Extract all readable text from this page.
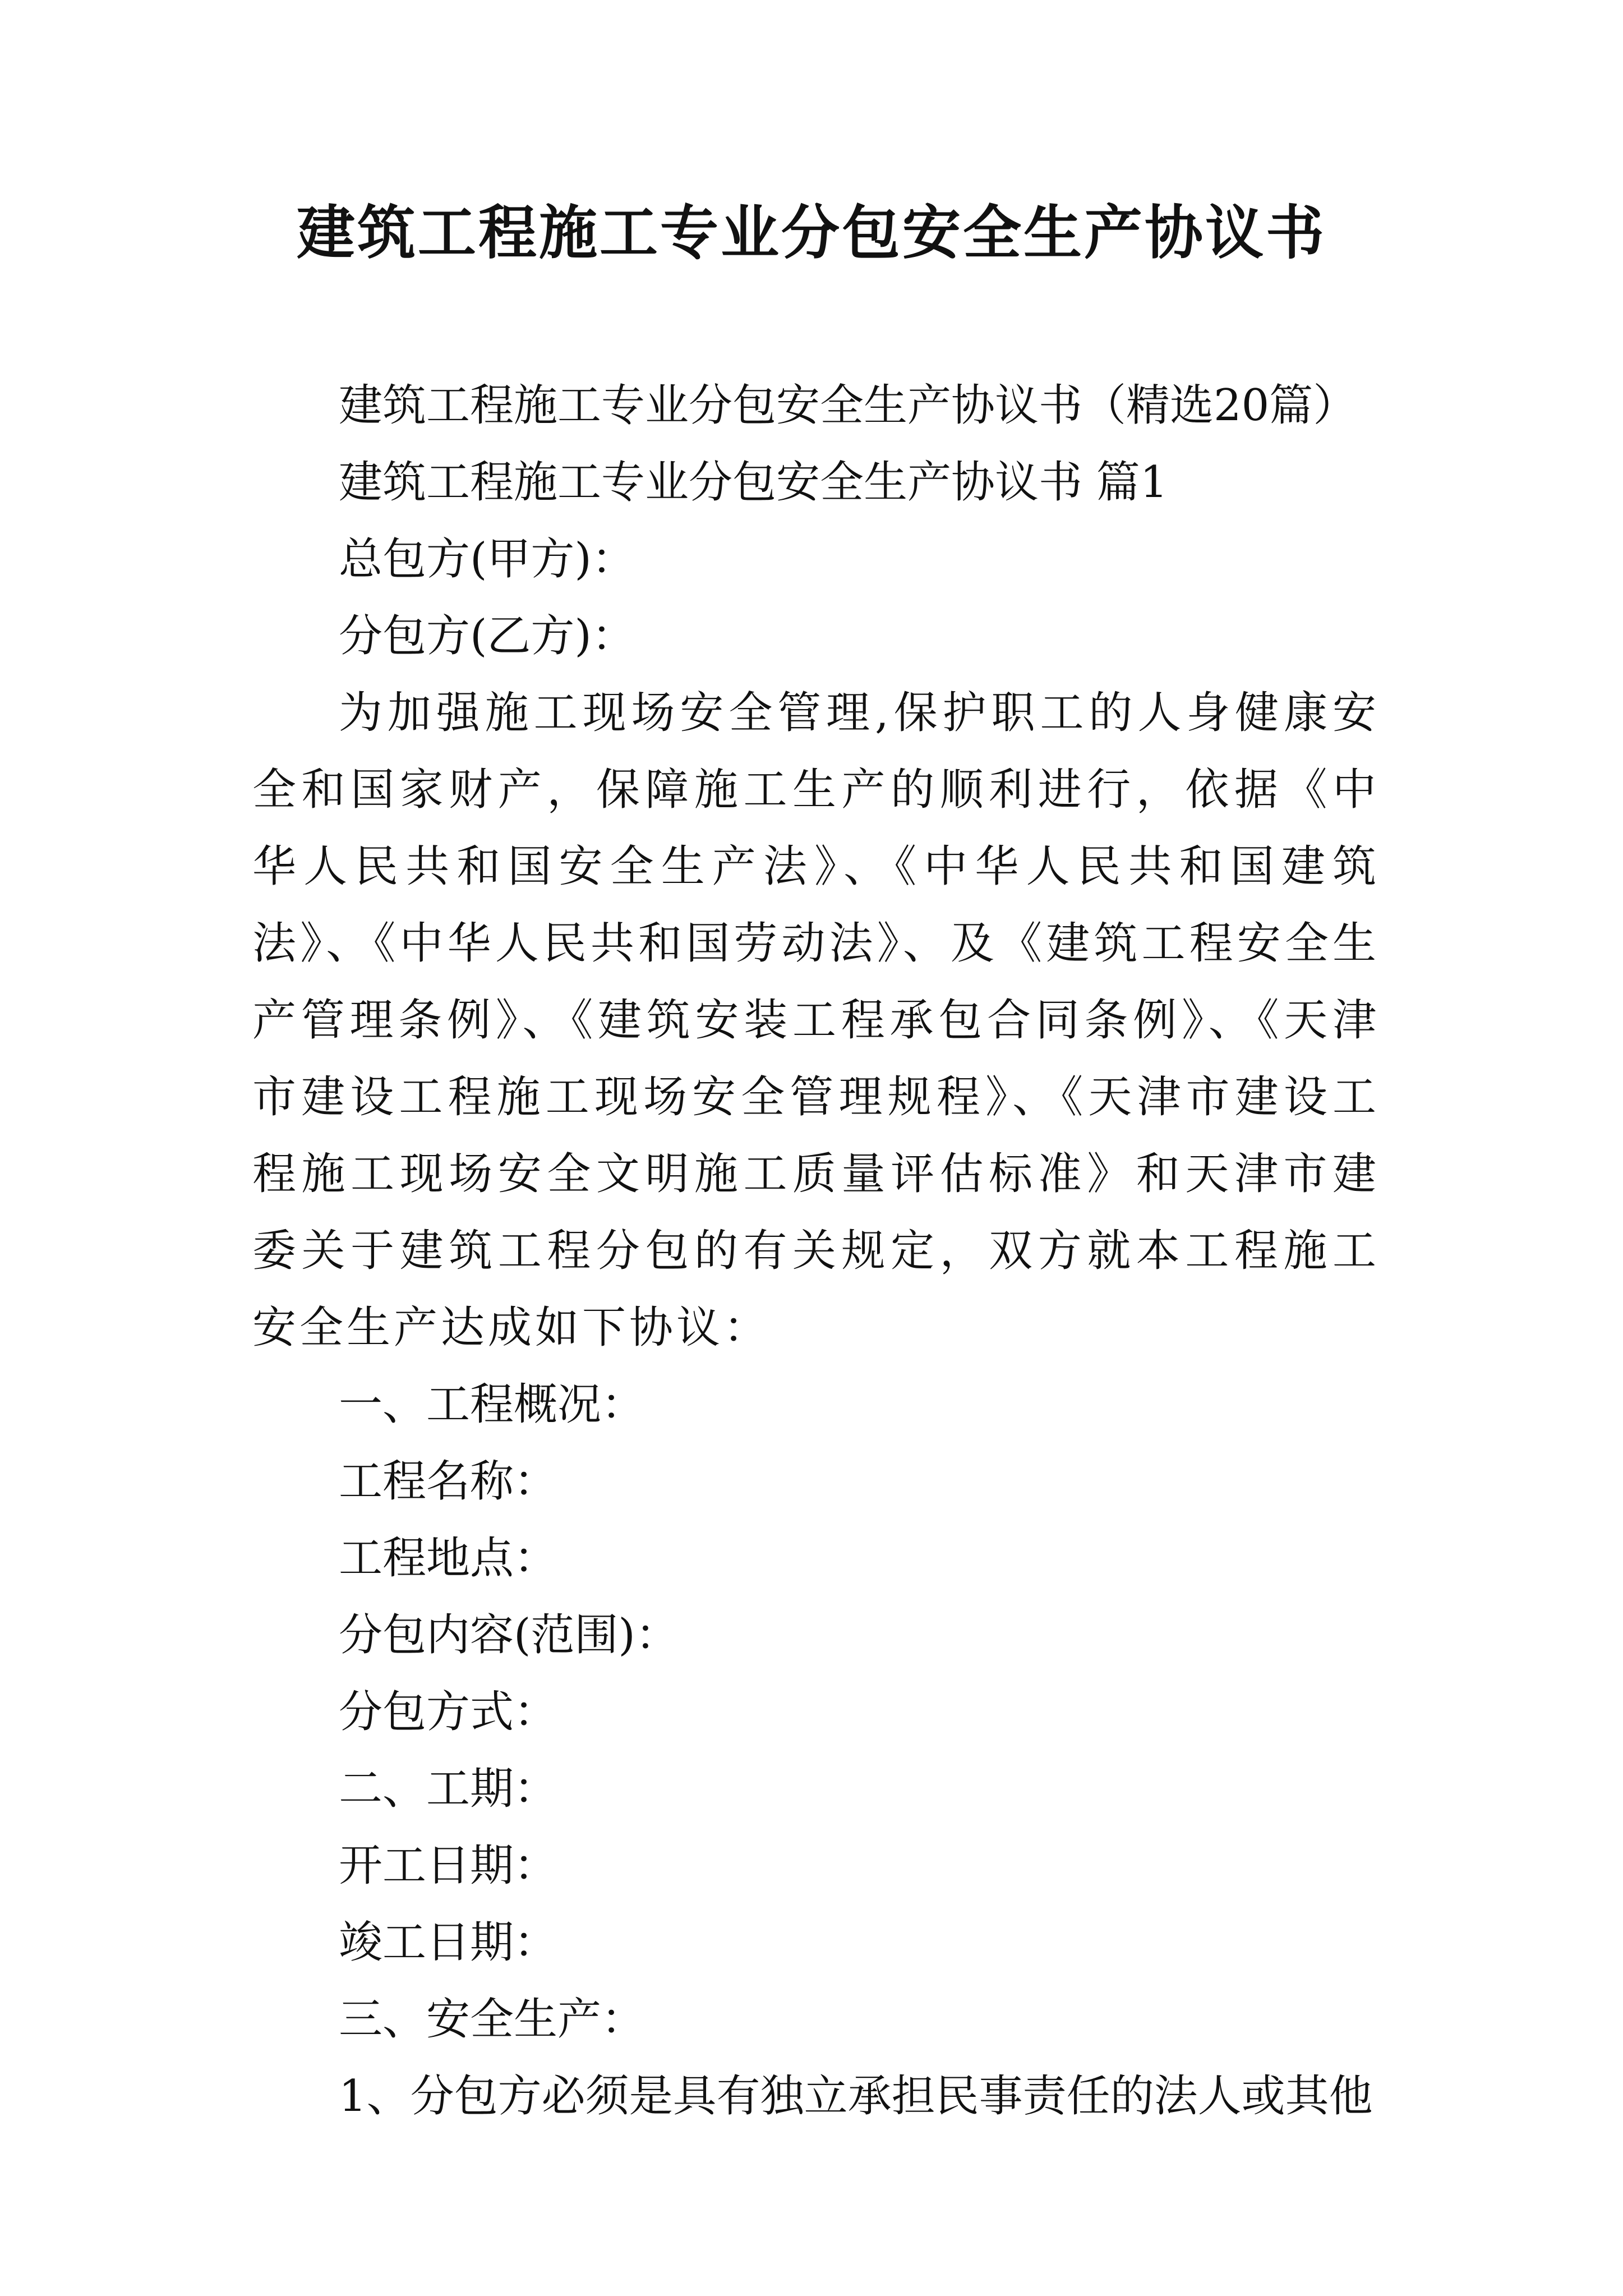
建筑工程施工专业分包安全生产协议书

建筑工程施工专业分包安全生产协议书（精选20篇）

建筑工程施工专业分包安全生产协议书 篇1

总包方(甲方)：

分包方(乙方)：

为加强施工现场安全管理,保护职工的人身健康安全和国家财产，保障施工生产的顺利进行，依据《中华人民共和国安全生产法》、《中华人民共和国建筑法》、《中华人民共和国劳动法》、及《建筑工程安全生产管理条例》、《建筑安装工程承包合同条例》、《天津市建设工程施工现场安全管理规程》、《天津市建设工程施工现场安全文明施工质量评估标准》和天津市建委关于建筑工程分包的有关规定，双方就本工程施工安全生产达成如下协议：

一、工程概况：

工程名称：

工程地点：

分包内容(范围)：

分包方式：

二、工期：

开工日期：

竣工日期：

三、安全生产：

1、分包方必须是具有独立承担民事责任的法人或其他
